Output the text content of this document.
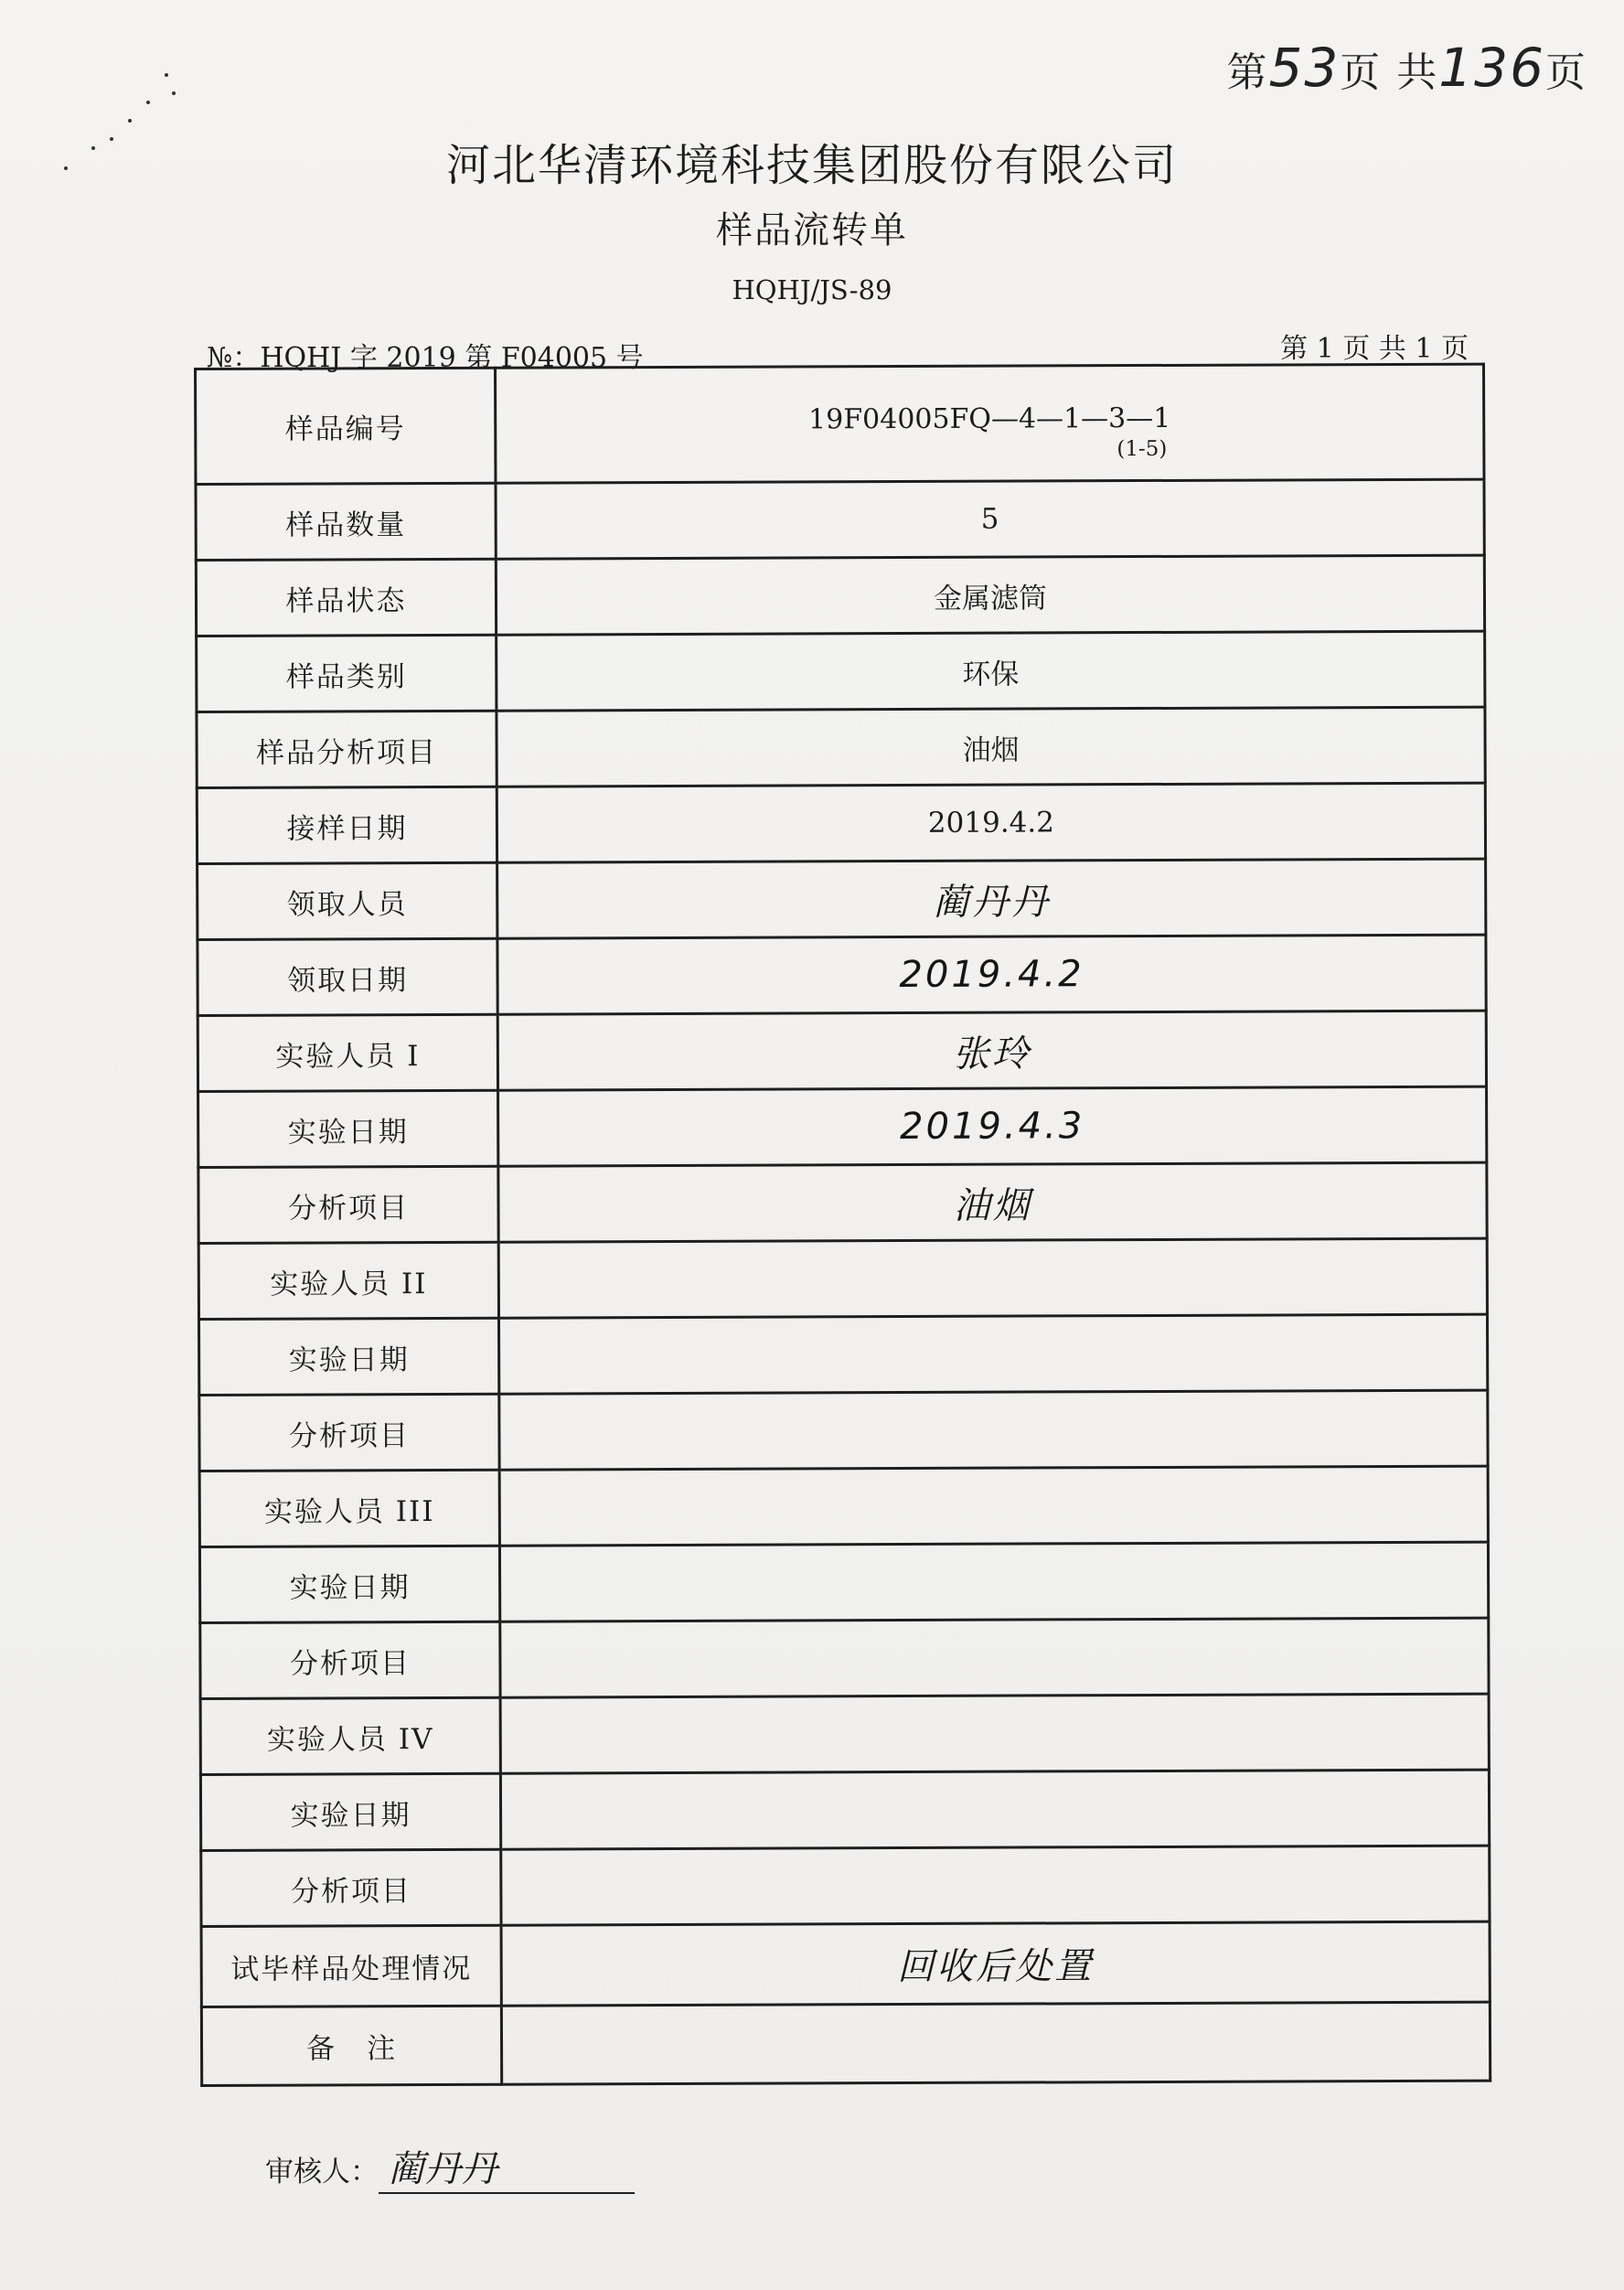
第53页 共136页
河北华清环境科技集团股份有限公司
样品流转单
HQHJ/JS-89
№：HQHJ 字 2019 第 F04005 号	第 1 页 共 1 页
样品编号	19F04005FQ—4—1—3—1
(1-5)

样品数量	5
样品状态	金属滤筒
样品类别	环保
样品分析项目	油烟
接样日期	2019.4.2
领取人员	蔺丹丹
领取日期	2019.4.2
实验人员 I	张玲
实验日期	2019.4.3
分析项目	油烟
实验人员 II	
实验日期	
分析项目	
实验人员 III	
实验日期	
分析项目	
实验人员 IV	
实验日期	
分析项目	
试毕样品处理情况	回收后处置
备　注	
审核人： 蔺丹丹
